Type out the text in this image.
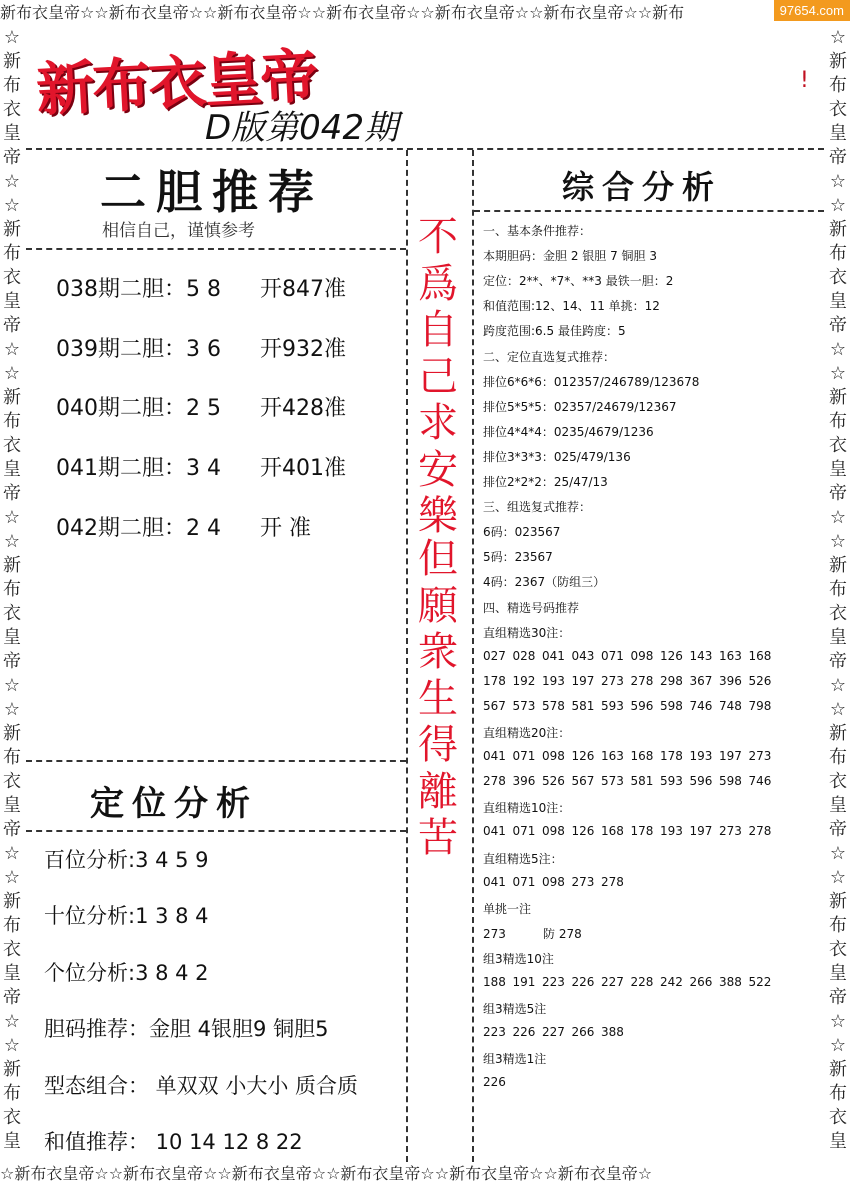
新布衣皇帝☆☆新布衣皇帝☆☆新布衣皇帝☆☆新布衣皇帝☆☆新布衣皇帝☆☆新布衣皇帝☆☆新布
☆新布衣皇帝☆☆新布衣皇帝☆☆新布衣皇帝☆☆新布衣皇帝☆☆新布衣皇帝☆☆新布衣皇帝☆
☆
新
布
衣
皇
帝
☆
☆
新
布
衣
皇
帝
☆
☆
新
布
衣
皇
帝
☆
☆
新
布
衣
皇
帝
☆
☆
新
布
衣
皇
帝
☆
☆
新
布
衣
皇
帝
☆
☆
新
布
衣
皇
☆
新
布
衣
皇
帝
☆
☆
新
布
衣
皇
帝
☆
☆
新
布
衣
皇
帝
☆
☆
新
布
衣
皇
帝
☆
☆
新
布
衣
皇
帝
☆
☆
新
布
衣
皇
帝
☆
☆
新
布
衣
皇
97654.com
新布衣皇帝
D版第042期
!
二胆推荐
相信自己，谨慎参考
038期二胆：5 8 开847准
039期二胆：3 6 开932准
040期二胆：2 5 开428准
041期二胆：3 4 开401准
042期二胆：2 4 开 准
定位分析
百位分析:3 4 5 9
十位分析:1 3 8 4
个位分析:3 8 4 2
胆码推荐：金胆 4银胆9 铜胆5
型态组合： 单双双 小大小 质合质
和值推荐： 10 14 12 8 22
不
爲
自
己
求
安
樂
但
願
衆
生
得
離
苦
综合分析
一、基本条件推荐：
本期胆码：金胆 2 银胆 7 铜胆 3
定位：2**、*7*、**3 最铁一胆：2
和值范围:12、14、11 单挑：12
跨度范围:6.5 最佳跨度：5
二、定位直选复式推荐：
排位6*6*6：012357/246789/123678
排位5*5*5：02357/24679/12367
排位4*4*4：0235/4679/1236
排位3*3*3：025/479/136
排位2*2*2：25/47/13
三、组选复式推荐：
6码：023567
5码：23567
4码：2367（防组三）
四、精选号码推荐
直组精选30注：
027 028 041 043 071 098 126 143 163 168
178 192 193 197 273 278 298 367 396 526
567 573 578 581 593 596 598 746 748 798
直组精选20注：
041 071 098 126 163 168 178 193 197 273
278 396 526 567 573 581 593 596 598 746
直组精选10注：
041 071 098 126 168 178 193 197 273 278
直组精选5注：
041 071 098 273 278
单挑一注
273	防 278
组3精选10注
188 191 223 226 227 228 242 266 388 522
组3精选5注
223 226 227 266 388
组3精选1注
226
